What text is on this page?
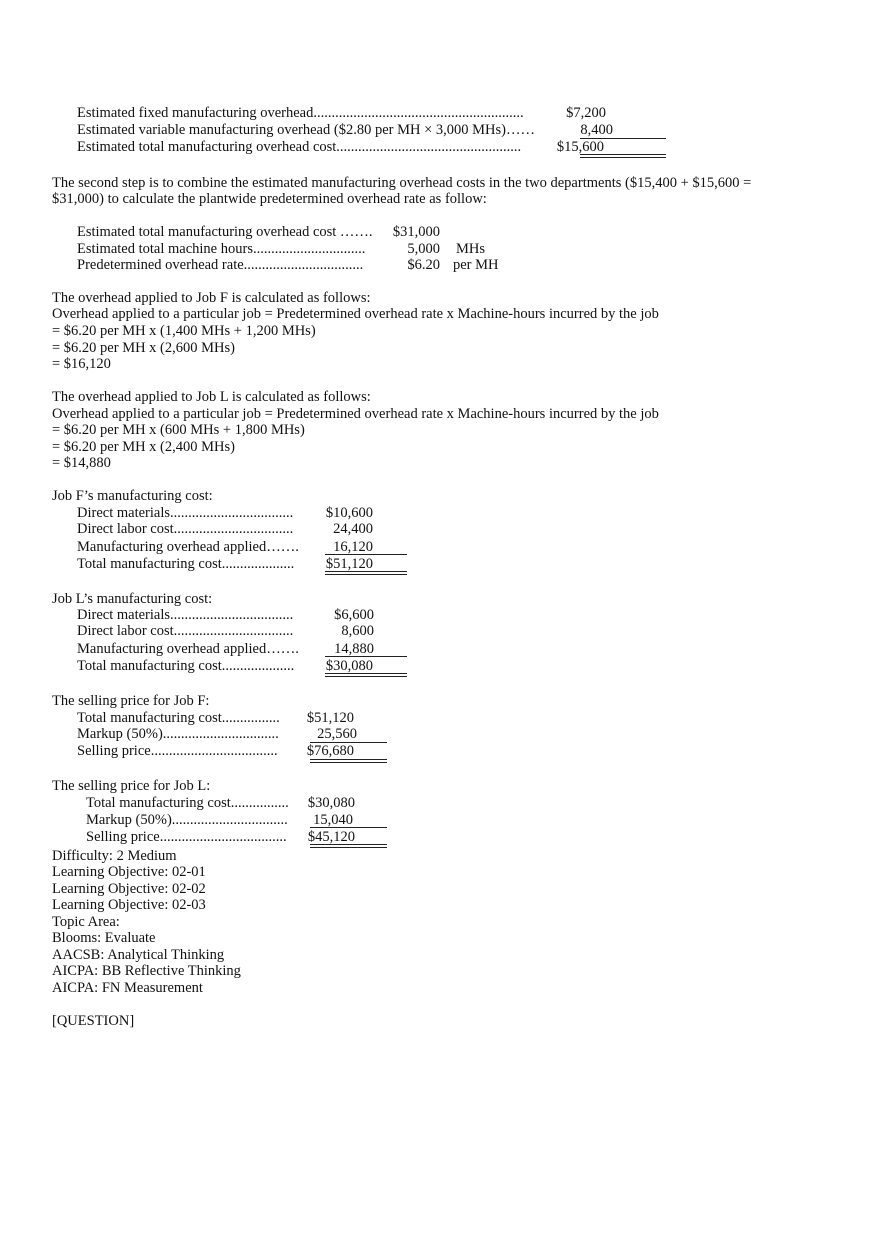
Estimated fixed manufacturing overhead..........................................................	$7,200
Estimated variable manufacturing overhead ($2.80 per MH × 3,000 MHs)……	8,400
Estimated total manufacturing overhead cost...................................................	$15,600
The second step is to combine the estimated manufacturing overhead costs in the two departments ($15,400 + $15,600 =
$31,000) to calculate the plantwide predetermined overhead rate as follow:
Estimated total manufacturing overhead cost …….	$31,000
Estimated total machine hours...............................	5,000 MHs
Predetermined overhead rate.................................	$6.20 per MH
The overhead applied to Job F is calculated as follows:
Overhead applied to a particular job = Predetermined overhead rate x Machine-hours incurred by the job
= $6.20 per MH x (1,400 MHs + 1,200 MHs)
= $6.20 per MH x (2,600 MHs)
= $16,120
The overhead applied to Job L is calculated as follows:
Overhead applied to a particular job = Predetermined overhead rate x Machine-hours incurred by the job
= $6.20 per MH x (600 MHs + 1,800 MHs)
= $6.20 per MH x (2,400 MHs)
= $14,880
Job F’s manufacturing cost:
Direct materials..................................	$10,600
Direct labor cost.................................	24,400
Manufacturing overhead applied…….	16,120
Total manufacturing cost....................	$51,120
Job L’s manufacturing cost:
Direct materials..................................	$6,600
Direct labor cost.................................	8,600
Manufacturing overhead applied…….	14,880
Total manufacturing cost....................	$30,080
The selling price for Job F:
Total manufacturing cost................	$51,120
Markup (50%)................................	25,560
Selling price...................................	$76,680
The selling price for Job L:
Total manufacturing cost................	$30,080
Markup (50%)................................	15,040
Selling price...................................	$45,120
Difficulty: 2 Medium
Learning Objective: 02-01
Learning Objective: 02-02
Learning Objective: 02-03
Topic Area:
Blooms: Evaluate
AACSB: Analytical Thinking
AICPA: BB Reflective Thinking
AICPA: FN Measurement
[QUESTION]
